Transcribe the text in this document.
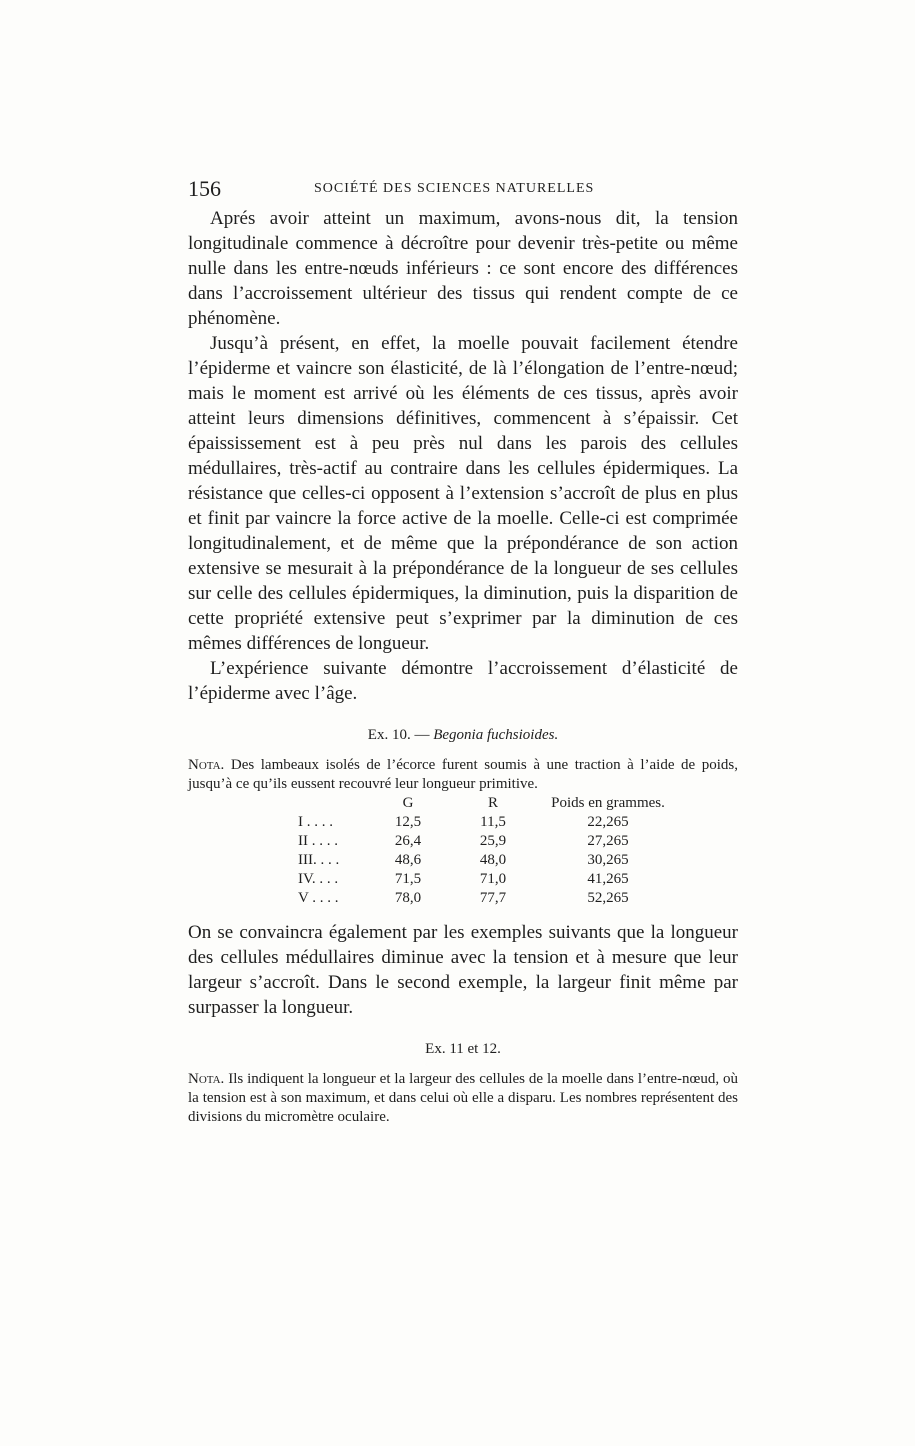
156	SOCIÉTÉ DES SCIENCES NATURELLES

Aprés avoir atteint un maximum, avons-nous dit, la tension longitudinale commence à décroître pour devenir très-petite ou même nulle dans les entre-nœuds inférieurs : ce sont encore des différences dans l’accroissement ultérieur des tissus qui rendent compte de ce phénomène.

Jusqu’à présent, en effet, la moelle pouvait facilement étendre l’épiderme et vaincre son élasticité, de là l’élongation de l’entre-nœud; mais le moment est arrivé où les éléments de ces tissus, après avoir atteint leurs dimensions définitives, commencent à s’épaissir. Cet épaississement est à peu près nul dans les parois des cellules médullaires, très-actif au contraire dans les cellules épidermiques. La résistance que celles-ci opposent à l’extension s’accroît de plus en plus et finit par vaincre la force active de la moelle. Celle-ci est comprimée longitudinalement, et de même que la prépondérance de son action extensive se mesurait à la prépondérance de la longueur de ses cellules sur celle des cellules épidermiques, la diminution, puis la disparition de cette propriété extensive peut s’exprimer par la diminution de ces mêmes différences de longueur.

L’expérience suivante démontre l’accroissement d’élasticité de l’épiderme avec l’âge.

Ex. 10. — Begonia fuchsioides.

Nota. Des lambeaux isolés de l’écorce furent soumis à une traction à l’aide de poids, jusqu’à ce qu’ils eussent recouvré leur longueur primitive.

	G	R	Poids en grammes.
I . . . .	12,5	11,5	22,265
II . . . .	26,4	25,9	27,265
III. . . .	48,6	48,0	30,265
IV. . . .	71,5	71,0	41,265
V . . . .	78,0	77,7	52,265

On se convaincra également par les exemples suivants que la longueur des cellules médullaires diminue avec la tension et à mesure que leur largeur s’accroît. Dans le second exemple, la largeur finit même par surpasser la longueur.

Ex. 11 et 12.

Nota. Ils indiquent la longueur et la largeur des cellules de la moelle dans l’entre-nœud, où la tension est à son maximum, et dans celui où elle a disparu. Les nombres représentent des divisions du micromètre oculaire.
